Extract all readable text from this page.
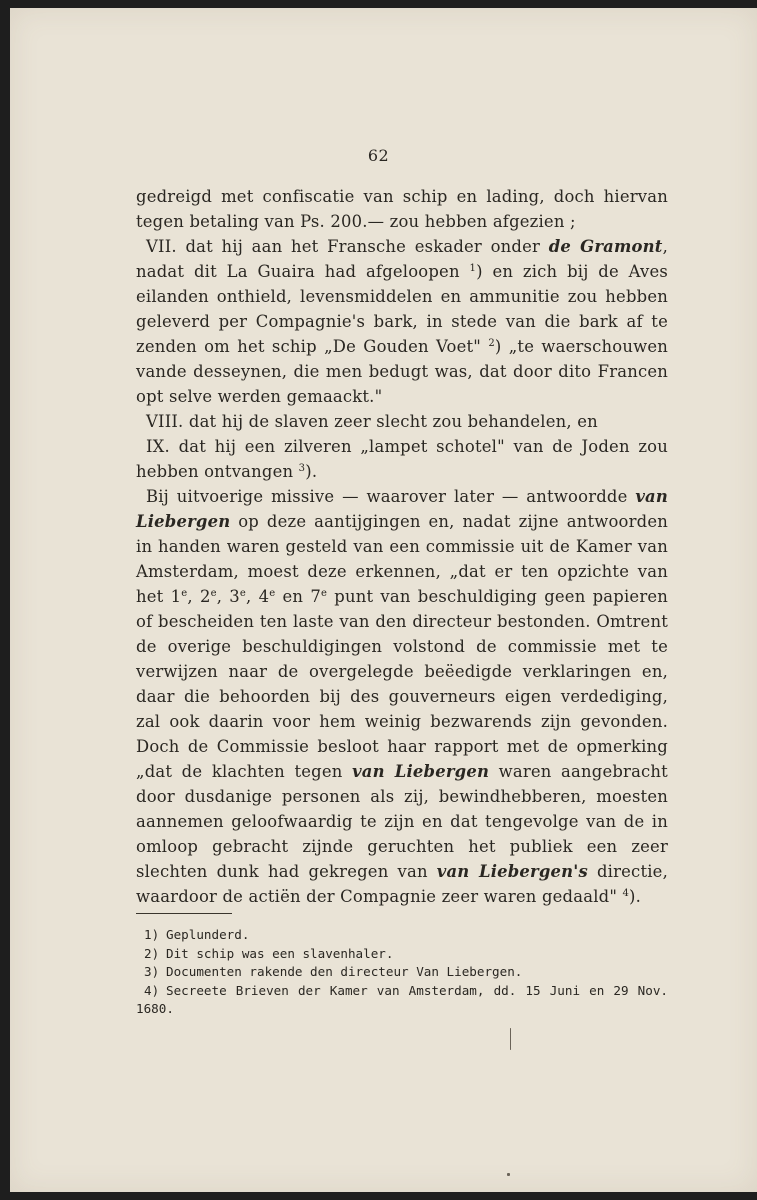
62

gedreigd met confiscatie van schip en lading, doch hiervan tegen betaling van Ps. 200.— zou hebben afgezien ;

VII. dat hij aan het Fransche eskader onder de Gramont, nadat dit La Guaira had afgeloopen $^1$) en zich bij de Aves eilanden onthield, levensmiddelen en ammunitie zou hebben geleverd per Compagnie's bark, in stede van die bark af te zenden om het schip „De Gouden Voet" $^2$) „te waerschouwen vande desseynen, die men bedugt was, dat door dito Francen opt selve werden gemaackt."

VIII. dat hij de slaven zeer slecht zou behandelen, en

IX. dat hij een zilveren „lampet schotel" van de Joden zou hebben ontvangen $^3$).

Bij uitvoerige missive — waarover later — antwoordde van Liebergen op deze aantijgingen en, nadat zijne antwoorden in handen waren gesteld van een commissie uit de Kamer van Amsterdam, moest deze erkennen, „dat er ten opzichte van het 1e, 2e, 3e, 4e en 7e punt van beschuldiging geen papieren of bescheiden ten laste van den directeur bestonden. Omtrent de overige beschuldigingen volstond de commissie met te verwijzen naar de overgelegde beëedigde verklaringen en, daar die behoorden bij des gouverneurs eigen verdediging, zal ook daarin voor hem weinig bezwarends zijn gevonden. Doch de Commissie besloot haar rapport met de opmerking „dat de klachten tegen van Liebergen waren aangebracht door dusdanige personen als zij, bewindhebberen, moesten aannemen geloofwaardig te zijn en dat tengevolge van de in omloop gebracht zijnde geruchten het publiek een zeer slechten dunk had gekregen van van Liebergen's directie, waardoor de actiën der Compagnie zeer waren gedaald" $^4$).

1) Geplunderd.
2) Dit schip was een slavenhaler.
3) Documenten rakende den directeur Van Liebergen.
4) Secreete Brieven der Kamer van Amsterdam, dd. 15 Juni en 29 Nov. 1680.
